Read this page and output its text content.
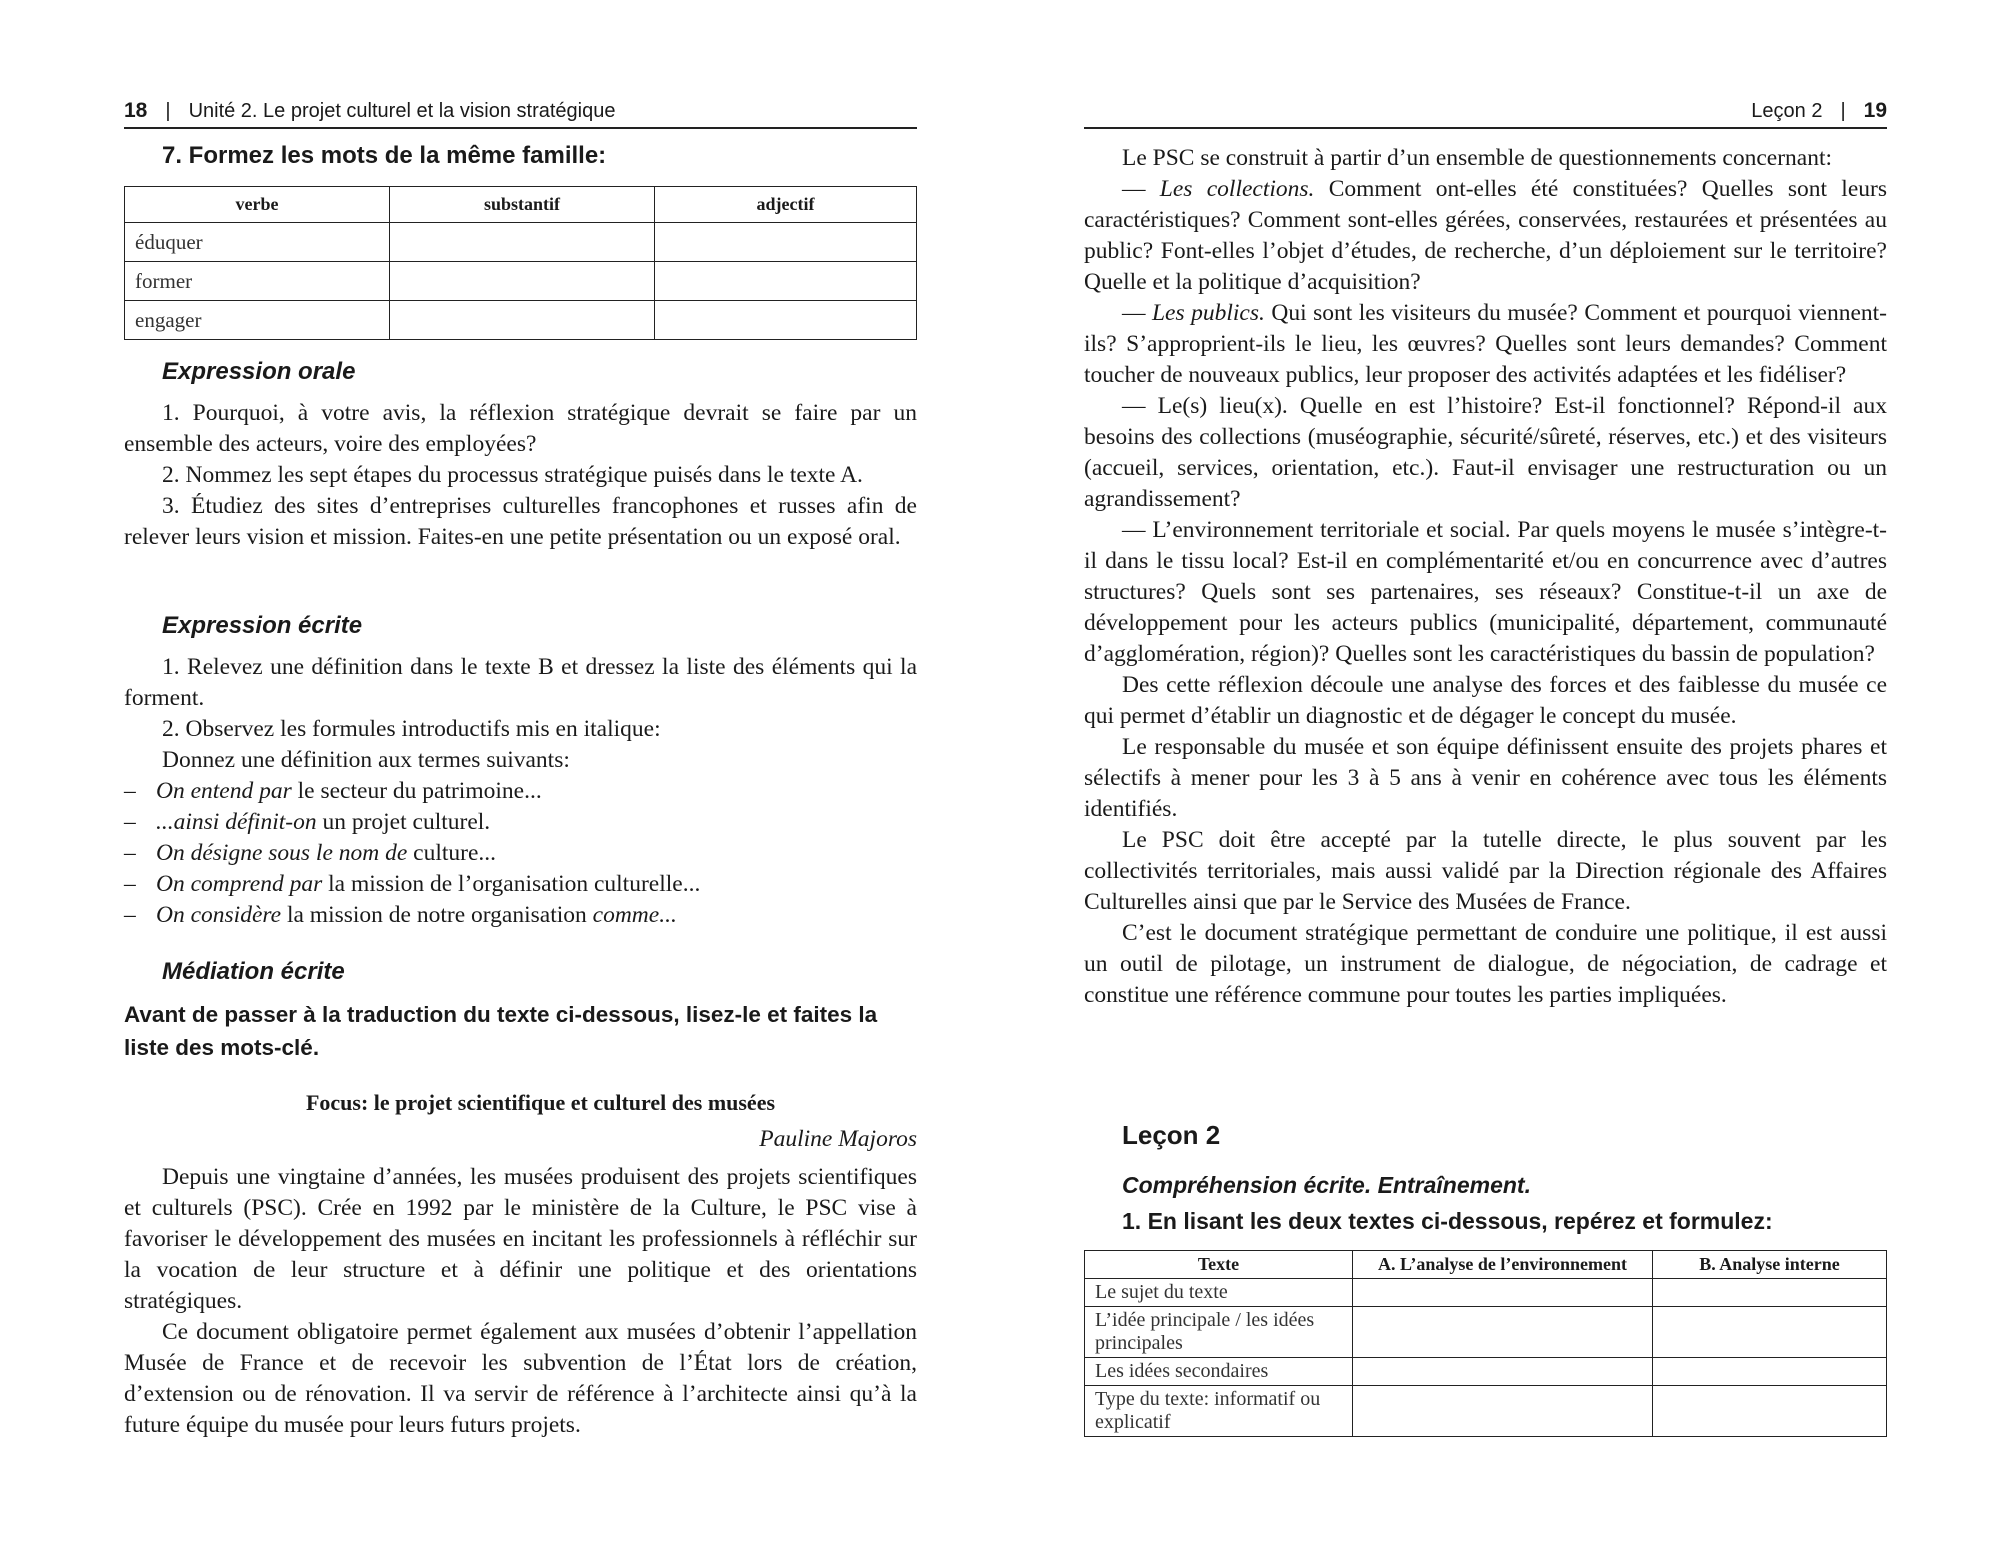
18 | Unité 2. Le projet culturel et la vision stratégique
7. Formez les mots de la même famille:
verbe	substantif	adjectif
éduquer		
former		
engager		
Expression orale

1. Pourquoi, à votre avis, la réflexion stratégique devrait se faire par un ensemble des acteurs, voire des employées?

2. Nommez les sept étapes du processus stratégique puisés dans le texte A.

3. Étudiez des sites d’entreprises culturelles francophones et russes afin de relever leurs vision et mission. Faites-en une petite présentation ou un exposé oral.

Expression écrite

1. Relevez une définition dans le texte B et dressez la liste des éléments qui la forment.

2. Observez les formules introductifs mis en italique:

Donnez une définition aux termes suivants:

– On entend par le secteur du patrimoine...
– ...ainsi définit-on un projet culturel.
– On désigne sous le nom de culture...
– On comprend par la mission de l’organisation culturelle...
– On considère la mission de notre organisation comme...
Médiation écrite
Avant de passer à la traduction du texte ci-dessous, lisez-le et faites la liste des mots-clé.
Focus: le projet scientifique et culturel des musées
Pauline Majoros

Depuis une vingtaine d’années, les musées produisent des projets scientifiques et culturels (PSC). Crée en 1992 par le ministère de la Culture, le PSC vise à favoriser le développement des musées en incitant les professionnels à réfléchir sur la vocation de leur structure et à définir une politique et des orientations stratégiques.

Ce document obligatoire permet également aux musées d’obtenir l’appellation Musée de France et de recevoir les subvention de l’État lors de création, d’extension ou de rénovation. Il va servir de référence à l’architecte ainsi qu’à la future équipe du musée pour leurs futurs projets.

Leçon 2 | 19

Le PSC se construit à partir d’un ensemble de questionnements concernant:

— Les collections. Comment ont-elles été constituées? Quelles sont leurs caractéristiques? Comment sont-elles gérées, conservées, restaurées et présentées au public? Font-elles l’objet d’études, de recherche, d’un déploiement sur le territoire? Quelle et la politique d’acquisition?

— Les publics. Qui sont les visiteurs du musée? Comment et pourquoi viennent-ils? S’approprient-ils le lieu, les œuvres? Quelles sont leurs demandes? Comment toucher de nouveaux publics, leur proposer des activités adaptées et les fidéliser?

— Le(s) lieu(x). Quelle en est l’histoire? Est-il fonctionnel? Répond-il aux besoins des collections (muséographie, sécurité/sûreté, réserves, etc.) et des visiteurs (accueil, services, orientation, etc.). Faut-il envisager une restructuration ou un agrandissement?

— L’environnement territoriale et social. Par quels moyens le musée s’intègre-t-il dans le tissu local? Est-il en complémentarité et/ou en concurrence avec d’autres structures? Quels sont ses partenaires, ses réseaux? Constitue-t-il un axe de développement pour les acteurs publics (municipalité, département, communauté d’agglomération, région)? Quelles sont les caractéristiques du bassin de population?

Des cette réflexion découle une analyse des forces et des faiblesse du musée ce qui permet d’établir un diagnostic et de dégager le concept du musée.

Le responsable du musée et son équipe définissent ensuite des projets phares et sélectifs à mener pour les 3 à 5 ans à venir en cohérence avec tous les éléments identifiés.

Le PSC doit être accepté par la tutelle directe, le plus souvent par les collectivités territoriales, mais aussi validé par la Direction régionale des Affaires Culturelles ainsi que par le Service des Musées de France.

C’est le document stratégique permettant de conduire une politique, il est aussi un outil de pilotage, un instrument de dialogue, de négociation, de cadrage et constitue une référence commune pour toutes les parties impliquées.

Leçon 2
Compréhension écrite. Entraînement.
1. En lisant les deux textes ci-dessous, repérez et formulez:
Texte	A. L’analyse de l’environnement	B. Analyse interne
Le sujet du texte		
L’idée principale / les idées principales		
Les idées secondaires		
Type du texte: informatif ou explicatif		
